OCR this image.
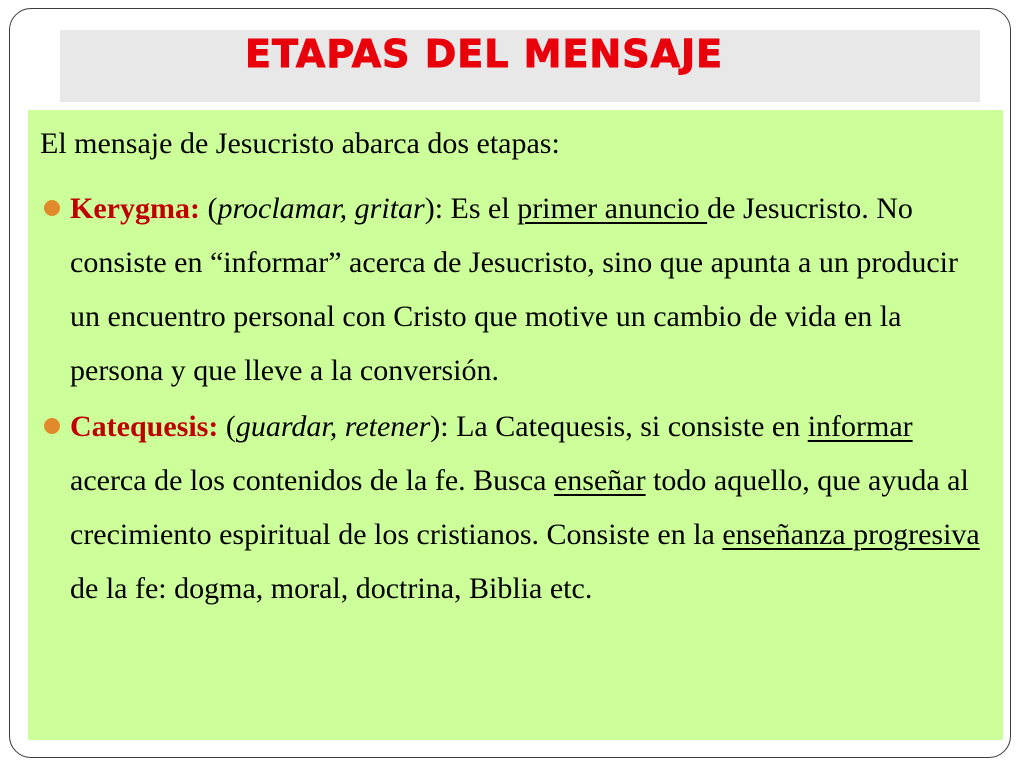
ETAPAS DEL MENSAJE

El mensaje de Jesucristo abarca dos etapas:

Kerygma: (proclamar, gritar): Es el primer anuncio de Jesucristo. No consiste en “informar” acerca de Jesucristo, sino que apunta a un producir un encuentro personal con Cristo que motive un cambio de vida en la persona y que lleve a la conversión.
Catequesis: (guardar, retener): La Catequesis, si consiste en informar acerca de los contenidos de la fe. Busca enseñar todo aquello, que ayuda al crecimiento espiritual de los cristianos. Consiste en la enseñanza progresiva de la fe: dogma, moral, doctrina, Biblia etc.
